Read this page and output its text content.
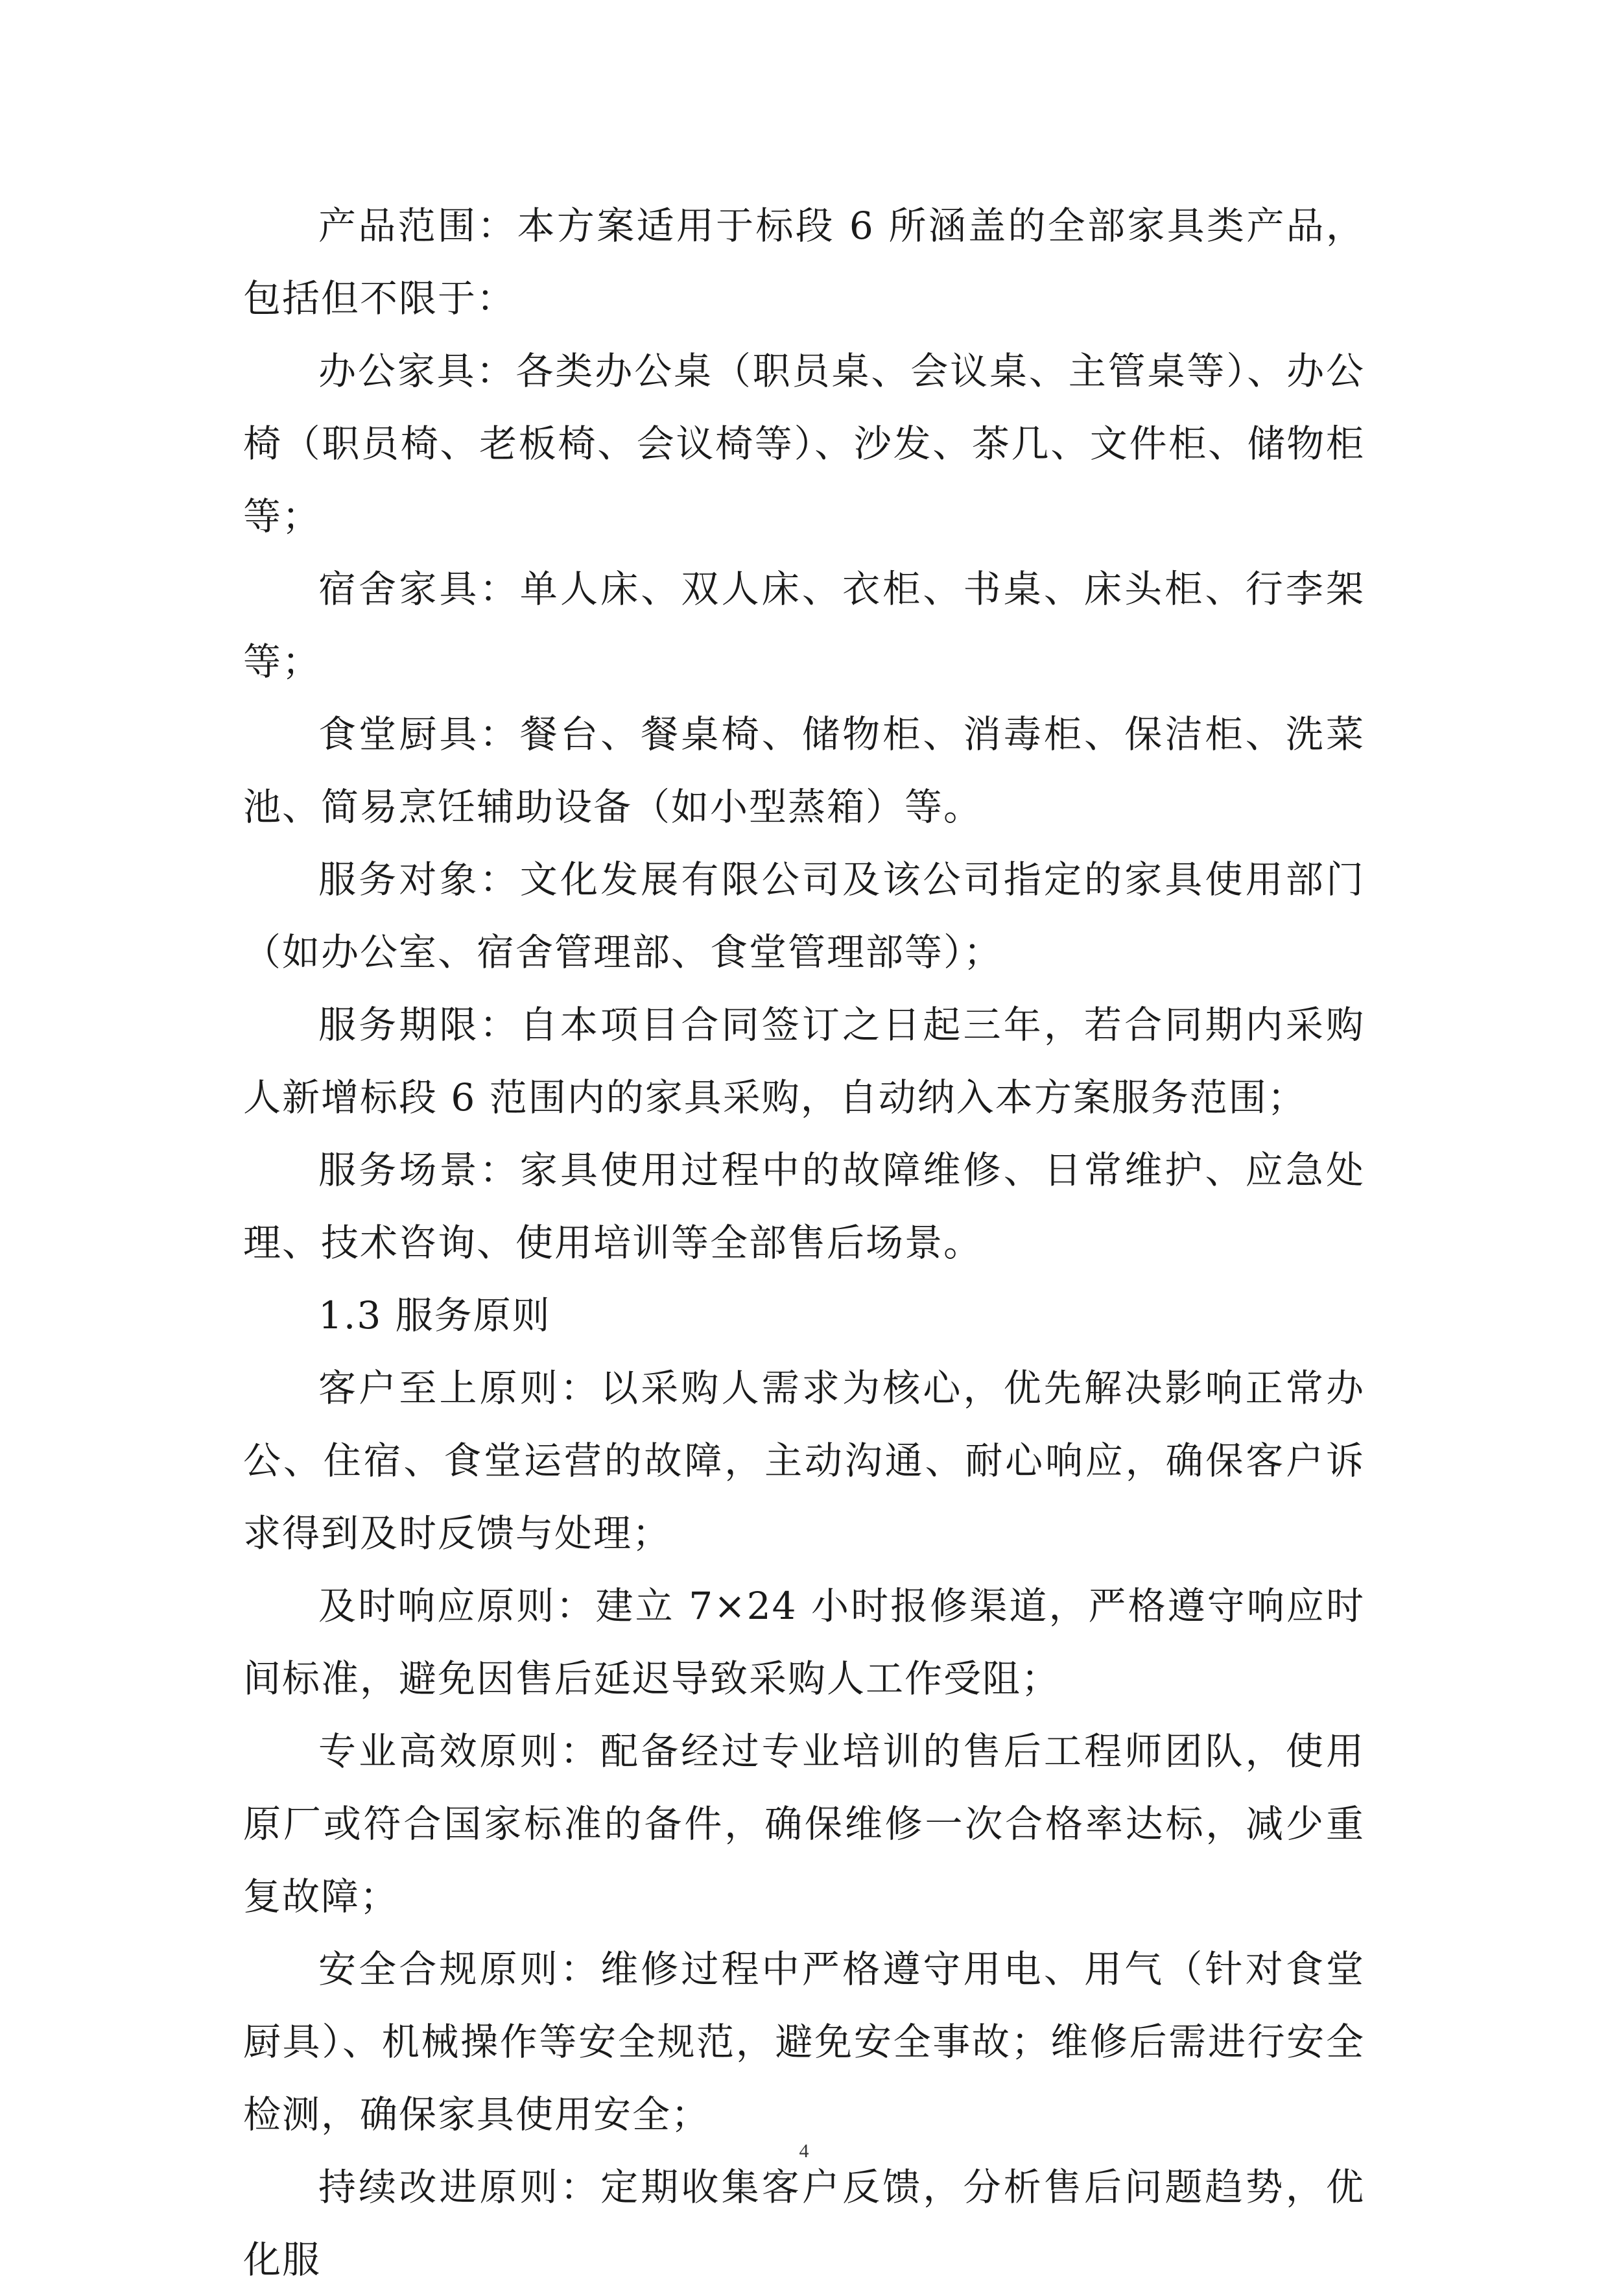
产品范围：本方案适用于标段 6 所涵盖的全部家具类产品，包括但不限于：

办公家具：各类办公桌（职员桌、会议桌、主管桌等）、办公椅（职员椅、老板椅、会议椅等）、沙发、茶几、文件柜、储物柜等；

宿舍家具：单人床、双人床、衣柜、书桌、床头柜、行李架等；

食堂厨具：餐台、餐桌椅、储物柜、消毒柜、保洁柜、洗菜池、简易烹饪辅助设备（如小型蒸箱）等。

服务对象：文化发展有限公司及该公司指定的家具使用部门（如办公室、宿舍管理部、食堂管理部等）；

服务期限：自本项目合同签订之日起三年，若合同期内采购人新增标段 6 范围内的家具采购，自动纳入本方案服务范围；

服务场景：家具使用过程中的故障维修、日常维护、应急处理、技术咨询、使用培训等全部售后场景。

1.3 服务原则

客户至上原则：以采购人需求为核心，优先解决影响正常办公、住宿、食堂运营的故障，主动沟通、耐心响应，确保客户诉求得到及时反馈与处理；

及时响应原则：建立 7×24 小时报修渠道，严格遵守响应时间标准，避免因售后延迟导致采购人工作受阻；

专业高效原则：配备经过专业培训的售后工程师团队，使用原厂或符合国家标准的备件，确保维修一次合格率达标，减少重复故障；

安全合规原则：维修过程中严格遵守用电、用气（针对食堂厨具）、机械操作等安全规范，避免安全事故；维修后需进行安全检测，确保家具使用安全；

持续改进原则：定期收集客户反馈，分析售后问题趋势，优化服

4
